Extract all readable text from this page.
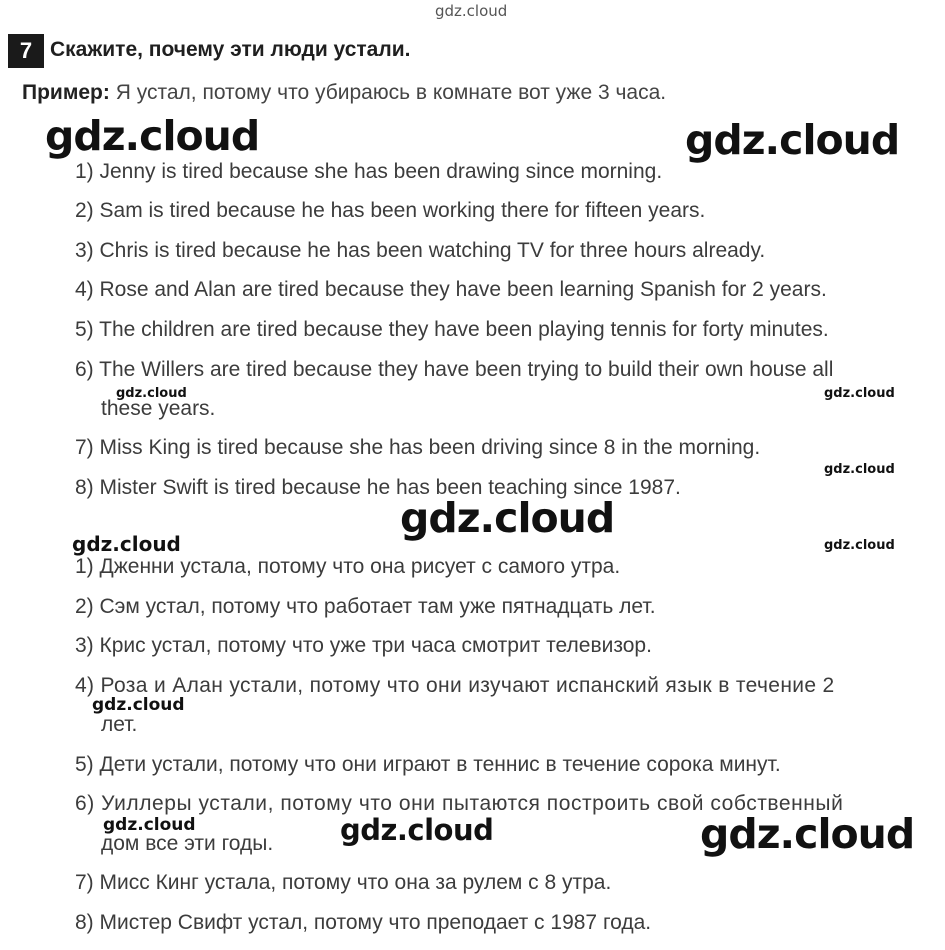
gdz.cloud
7 Скажите, почему эти люди устали.
Пример: Я устал, потому что убираюсь в комнате вот уже 3 часа.
1) Jenny is tired because she has been drawing since morning.
2) Sam is tired because he has been working there for fifteen years.
3) Chris is tired because he has been watching TV for three hours already.
4) Rose and Alan are tired because they have been learning Spanish for 2 years.
5) The children are tired because they have been playing tennis for forty minutes.
6) The Willers are tired because they have been trying to build their own house all
these years.
7) Miss King is tired because she has been driving since 8 in the morning.
8) Mister Swift is tired because he has been teaching since 1987.
1) Дженни устала, потому что она рисует с самого утра.
2) Сэм устал, потому что работает там уже пятнадцать лет.
3) Крис устал, потому что уже три часа смотрит телевизор.
4) Роза и Алан устали, потому что они изучают испанский язык в течение 2
лет.
5) Дети устали, потому что они играют в теннис в течение сорока минут.
6) Уиллеры устали, потому что они пытаются построить свой собственный
дом все эти годы.
7) Мисс Кинг устала, потому что она за рулем с 8 утра.
8) Мистер Свифт устал, потому что преподает с 1987 года.
gdz.cloud	gdz.cloud
gdz.cloud	gdz.cloud
gdz.cloud
gdz.cloud
gdz.cloud	gdz.cloud
gdz.cloud
gdz.cloud	gdz.cloud	gdz.cloud
